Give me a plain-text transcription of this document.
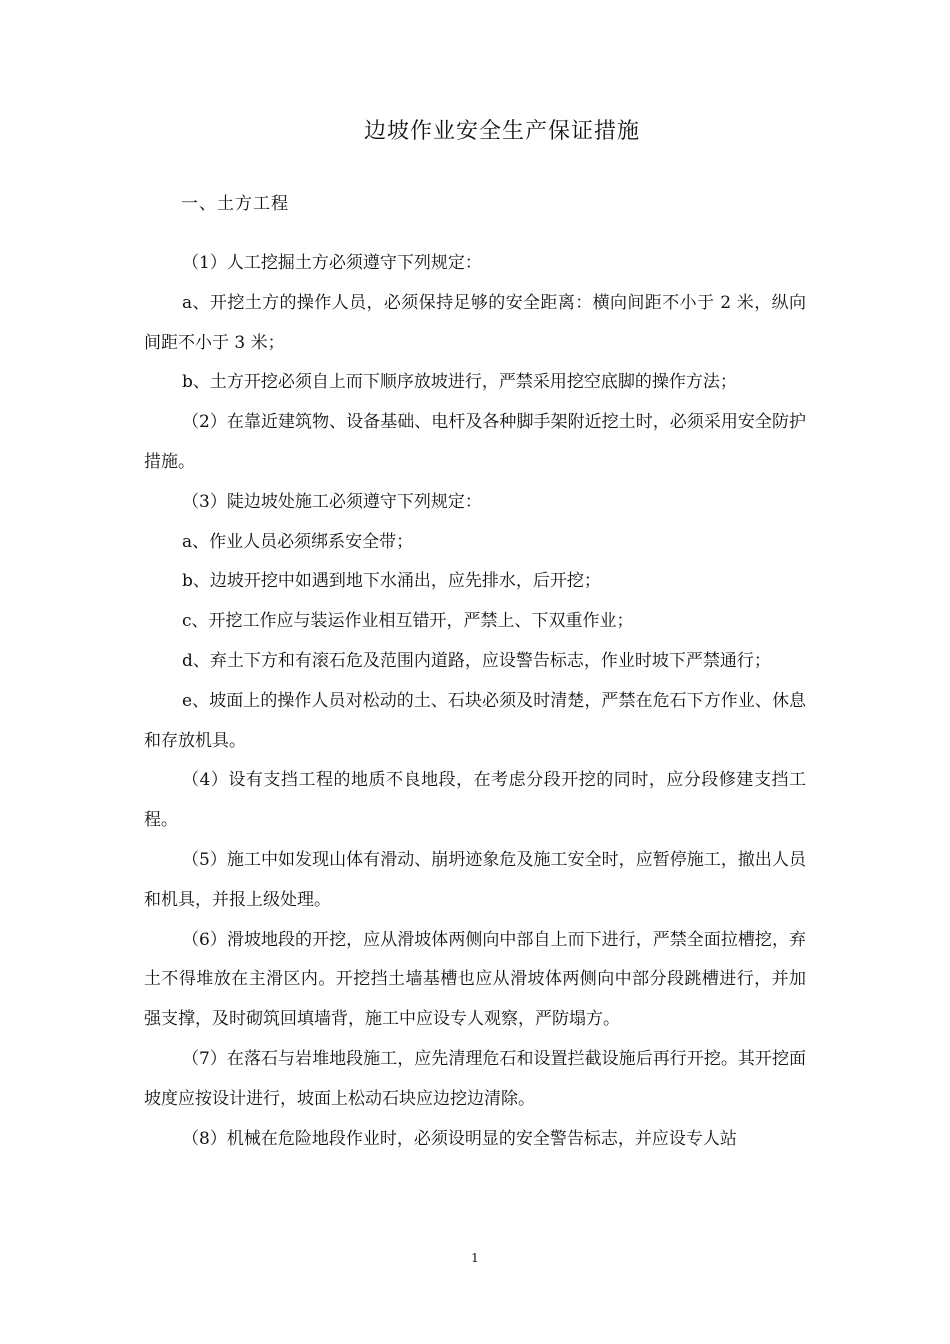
边坡作业安全生产保证措施
一、土方工程

（1）人工挖掘土方必须遵守下列规定：

a、开挖土方的操作人员，必须保持足够的安全距离：横向间距不小于 2 米，纵向间距不小于 3 米；

b、土方开挖必须自上而下顺序放坡进行，严禁采用挖空底脚的操作方法；

（2）在靠近建筑物、设备基础、电杆及各种脚手架附近挖土时，必须采用安全防护措施。

（3）陡边坡处施工必须遵守下列规定：

a、作业人员必须绑系安全带；

b、边坡开挖中如遇到地下水涌出，应先排水，后开挖；

c、开挖工作应与装运作业相互错开，严禁上、下双重作业；

d、弃土下方和有滚石危及范围内道路，应设警告标志，作业时坡下严禁通行；

e、坡面上的操作人员对松动的土、石块必须及时清楚，严禁在危石下方作业、休息和存放机具。

（4）设有支挡工程的地质不良地段，在考虑分段开挖的同时，应分段修建支挡工程。

（5）施工中如发现山体有滑动、崩坍迹象危及施工安全时，应暂停施工，撤出人员和机具，并报上级处理。

（6）滑坡地段的开挖，应从滑坡体两侧向中部自上而下进行，严禁全面拉槽挖，弃土不得堆放在主滑区内。开挖挡土墙基槽也应从滑坡体两侧向中部分段跳槽进行，并加强支撑，及时砌筑回填墙背，施工中应设专人观察，严防塌方。

（7）在落石与岩堆地段施工，应先清理危石和设置拦截设施后再行开挖。其开挖面坡度应按设计进行，坡面上松动石块应边挖边清除。

（8）机械在危险地段作业时，必须设明显的安全警告标志，并应设专人站

1
